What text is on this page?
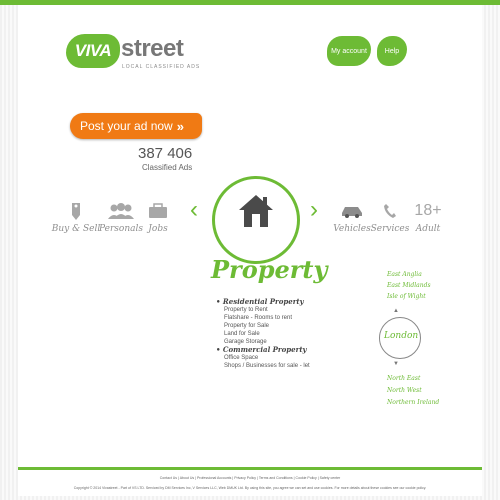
VIVA street
LOCAL CLASSIFIED ADS
My account	Help
Post your ad now »
387 406
Classified Ads
Buy & Sell
Personals Jobs
‹	›
Vehicles Services
18+
Adult
Property
• Residential Property
Property to Rent
Flatshare - Rooms to rent
Property for Sale
Land for Sale
Garage Storage
• Commercial Property
Office Space
Shops / Businesses for sale - let
East Anglia
East Midlands
Isle of Wight
▲
London
▼
North East
North West
Northern Ireland
Contact Us | About Us | Professional Accounts | Privacy Policy | Terms and Conditions | Cookie Policy | Safety center
Copyright © 2014 Vivastreet - Part of VS LTD. Serviced by DM Services Inc, V Services LLC, Web DMUK Ltd. By using this site, you agree we can set and use cookies. For more details about these cookies see our cookie policy.
